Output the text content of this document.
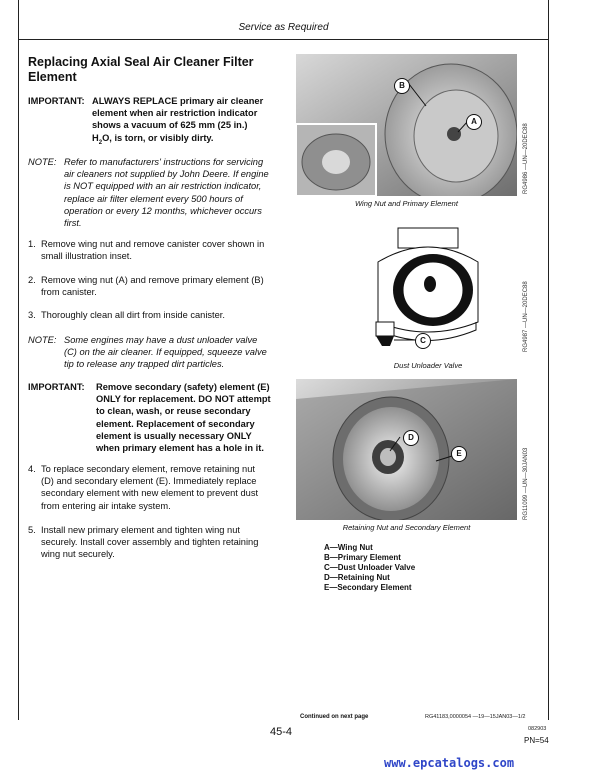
Service as Required
Replacing Axial Seal Air Cleaner Filter Element
IMPORTANT: ALWAYS REPLACE primary air cleaner
element when air restriction indicator
shows a vacuum of 625 mm (25 in.)
$H_2O$, is torn, or visibly dirty.
NOTE: Refer to manufacturers' instructions for servicing
air cleaners not supplied by John Deere. If engine
is NOT equipped with an air restriction indicator,
replace air filter element every 500 hours of
operation or every 12 months, whichever occurs
first.
1. Remove wing nut and remove canister cover shown in
small illustration inset.
2. Remove wing nut (A) and remove primary element (B)
from canister.
3. Thoroughly clean all dirt from inside canister.
NOTE: Some engines may have a dust unloader valve
(C) on the air cleaner. If equipped, squeeze valve
tip to release any trapped dirt particles.
IMPORTANT: Remove secondary (safety) element (E)
ONLY for replacement. DO NOT attempt
to clean, wash, or reuse secondary
element. Replacement of secondary
element is usually necessary ONLY
when primary element has a hole in it.
4. To replace secondary element, remove retaining nut
(D) and secondary element (E). Immediately replace
secondary element with new element to prevent dust
from entering air intake system.
5. Install new primary element and tighten wing nut
securely. Install cover assembly and tighten retaining
wing nut securely.
B
A
RG4986 —UN—20DEC88
Wing Nut and Primary Element
C	RG4987 —UN—20DEC88
Dust Unloader Valve
D
E	RG11099 —UN—30JAN03
Retaining Nut and Secondary Element
A—Wing Nut
B—Primary Element
C—Dust Unloader Valve
D—Retaining Nut
E—Secondary Element
Continued on next page	RG41183,0000054 —19—15JAN03—1/2
45-4	082903
PN=54
www.epcatalogs.com
